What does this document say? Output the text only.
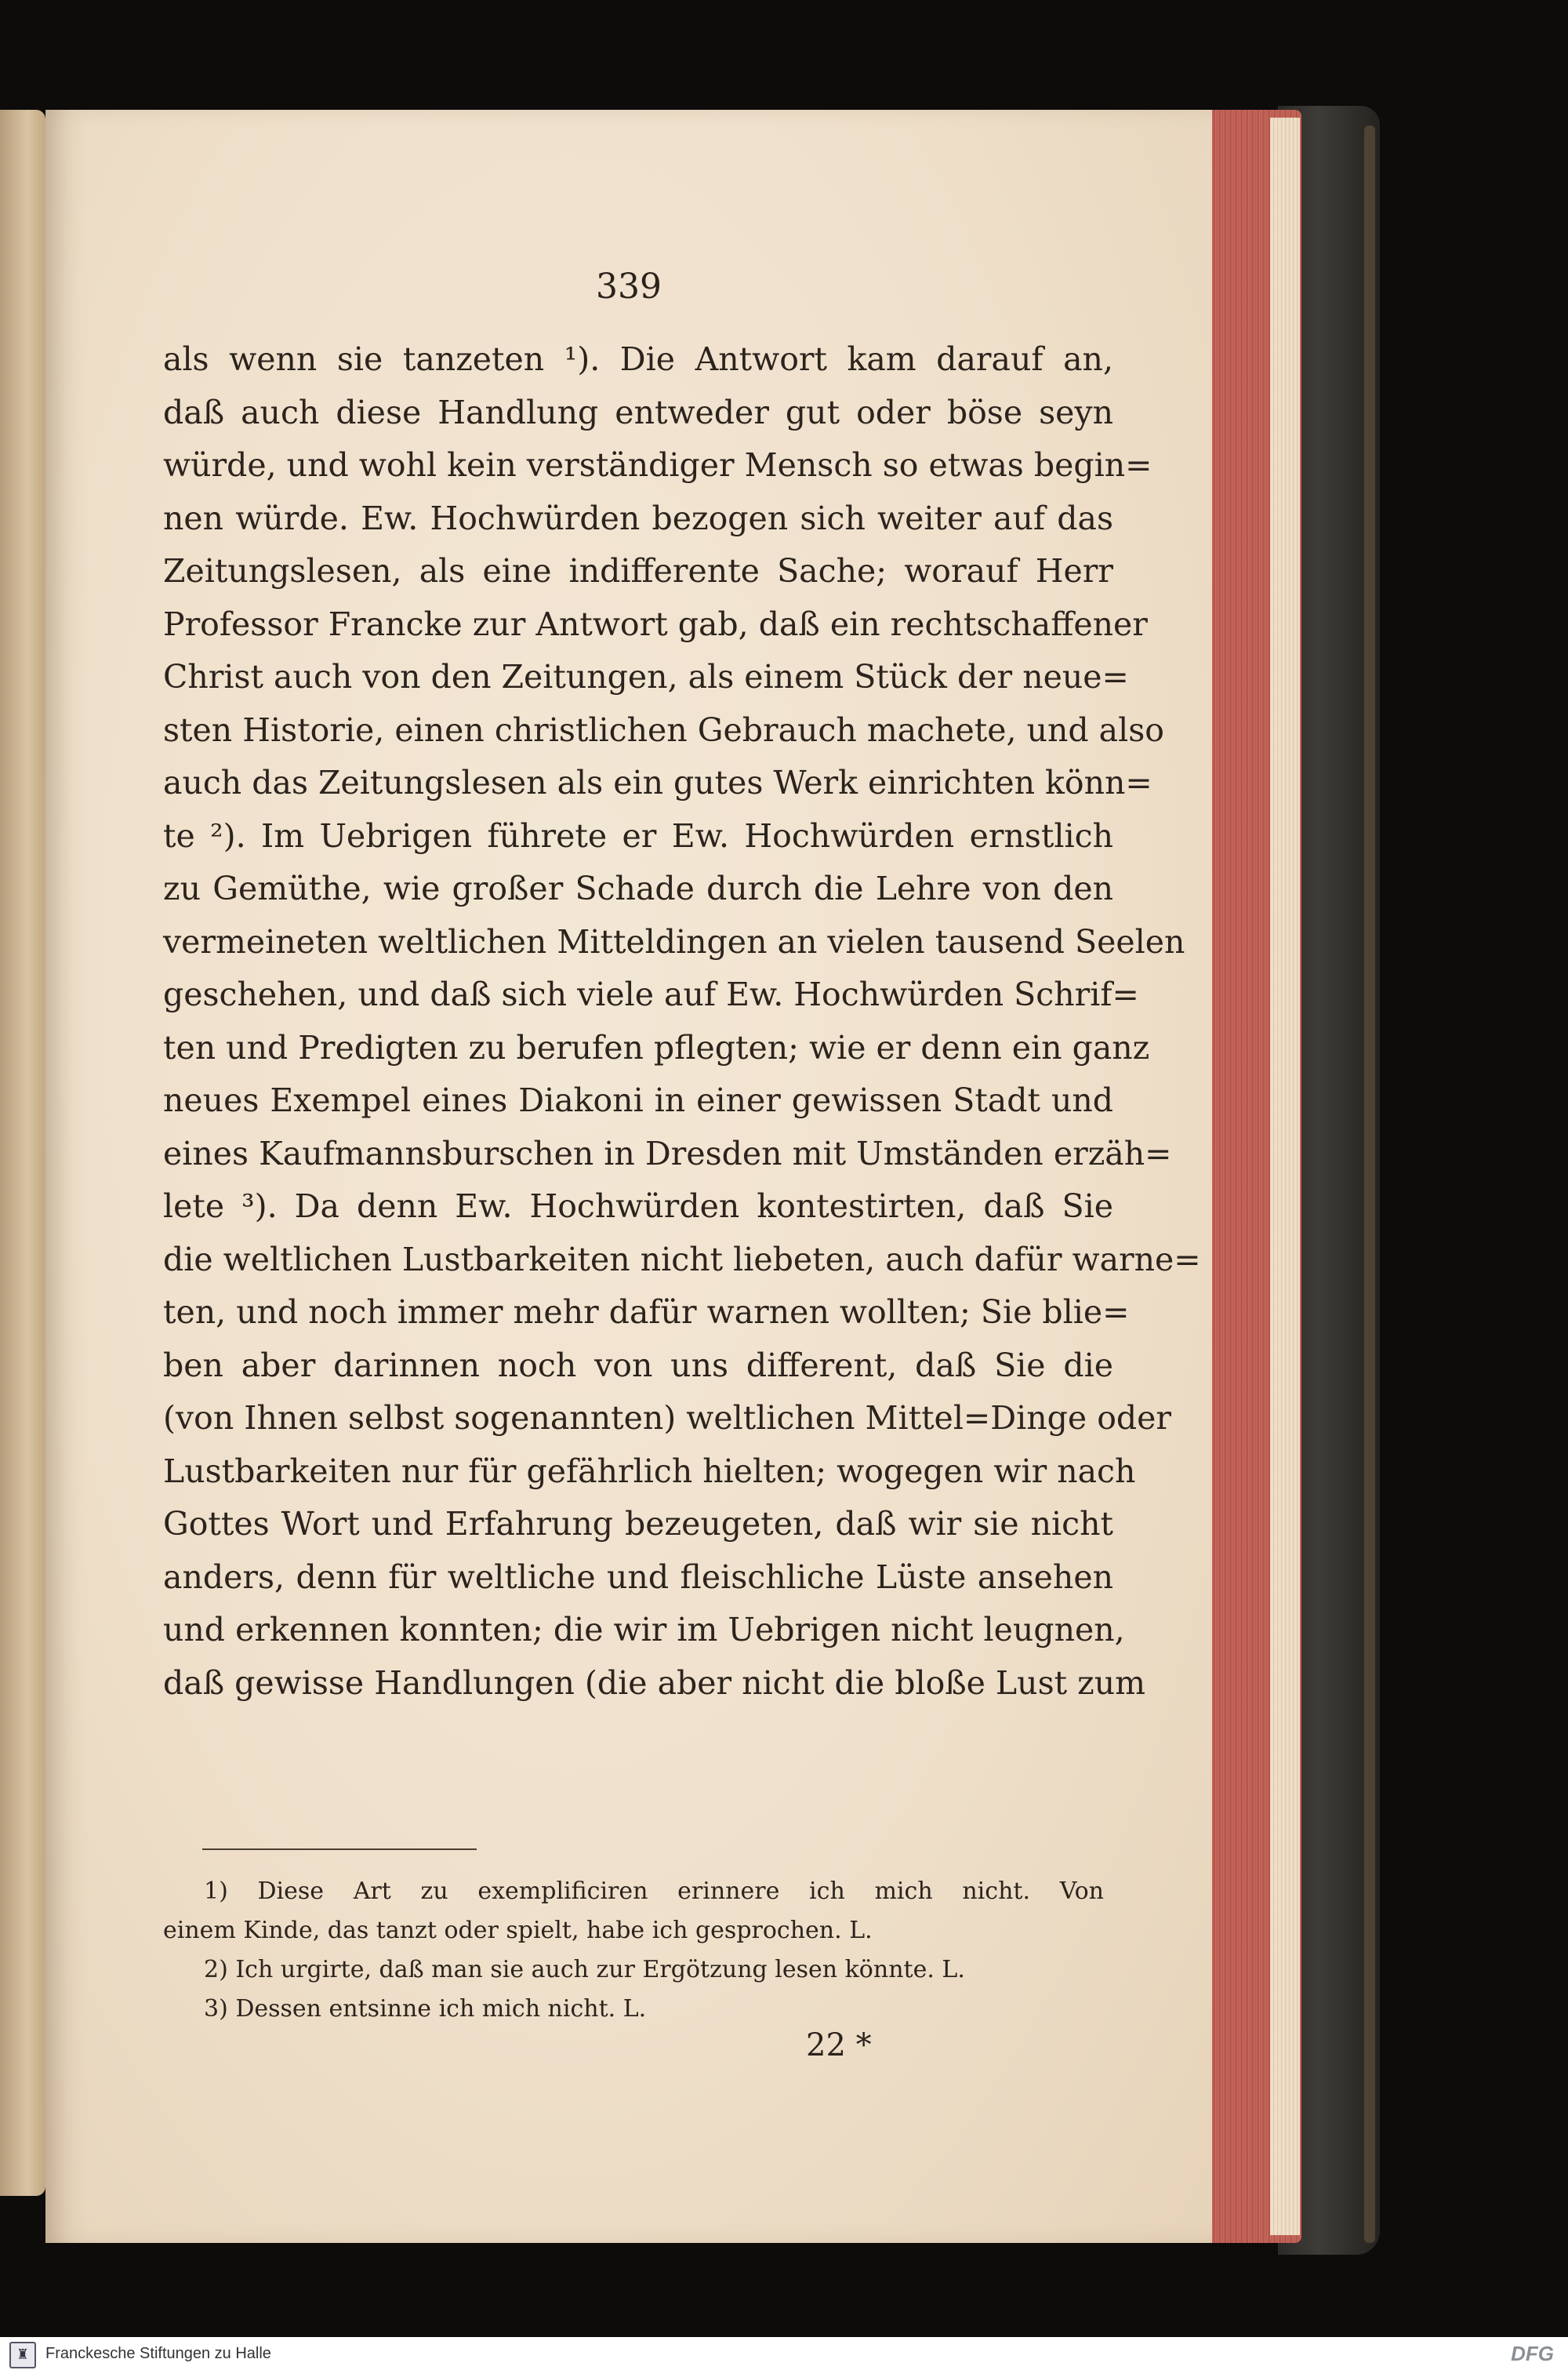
339
als wenn sie tanzeten ¹). Die Antwort kam darauf an,
daß auch diese Handlung entweder gut oder böse seyn
würde, und wohl kein verständiger Mensch so etwas begin=
nen würde. Ew. Hochwürden bezogen sich weiter auf das
Zeitungslesen, als eine indifferente Sache; worauf Herr
Professor Francke zur Antwort gab, daß ein rechtschaffener
Christ auch von den Zeitungen, als einem Stück der neue=
sten Historie, einen christlichen Gebrauch machete, und also
auch das Zeitungslesen als ein gutes Werk einrichten könn=
te ²). Im Uebrigen führete er Ew. Hochwürden ernstlich
zu Gemüthe, wie großer Schade durch die Lehre von den
vermeineten weltlichen Mitteldingen an vielen tausend Seelen
geschehen, und daß sich viele auf Ew. Hochwürden Schrif=
ten und Predigten zu berufen pflegten; wie er denn ein ganz
neues Exempel eines Diakoni in einer gewissen Stadt und
eines Kaufmannsburschen in Dresden mit Umständen erzäh=
lete ³). Da denn Ew. Hochwürden kontestirten, daß Sie
die weltlichen Lustbarkeiten nicht liebeten, auch dafür warne=
ten, und noch immer mehr dafür warnen wollten; Sie blie=
ben aber darinnen noch von uns different, daß Sie die
(von Ihnen selbst sogenannten) weltlichen Mittel=Dinge oder
Lustbarkeiten nur für gefährlich hielten; wogegen wir nach
Gottes Wort und Erfahrung bezeugeten, daß wir sie nicht
anders, denn für weltliche und fleischliche Lüste ansehen
und erkennen konnten; die wir im Uebrigen nicht leugnen,
daß gewisse Handlungen (die aber nicht die bloße Lust zum
1) Diese Art zu exemplificiren erinnere ich mich nicht. Von
einem Kinde, das tanzt oder spielt, habe ich gesprochen. L.
2) Ich urgirte, daß man sie auch zur Ergötzung lesen könnte. L.
3) Dessen entsinne ich mich nicht. L.
22 *
♜	Franckesche Stiftungen zu Halle	DFG
